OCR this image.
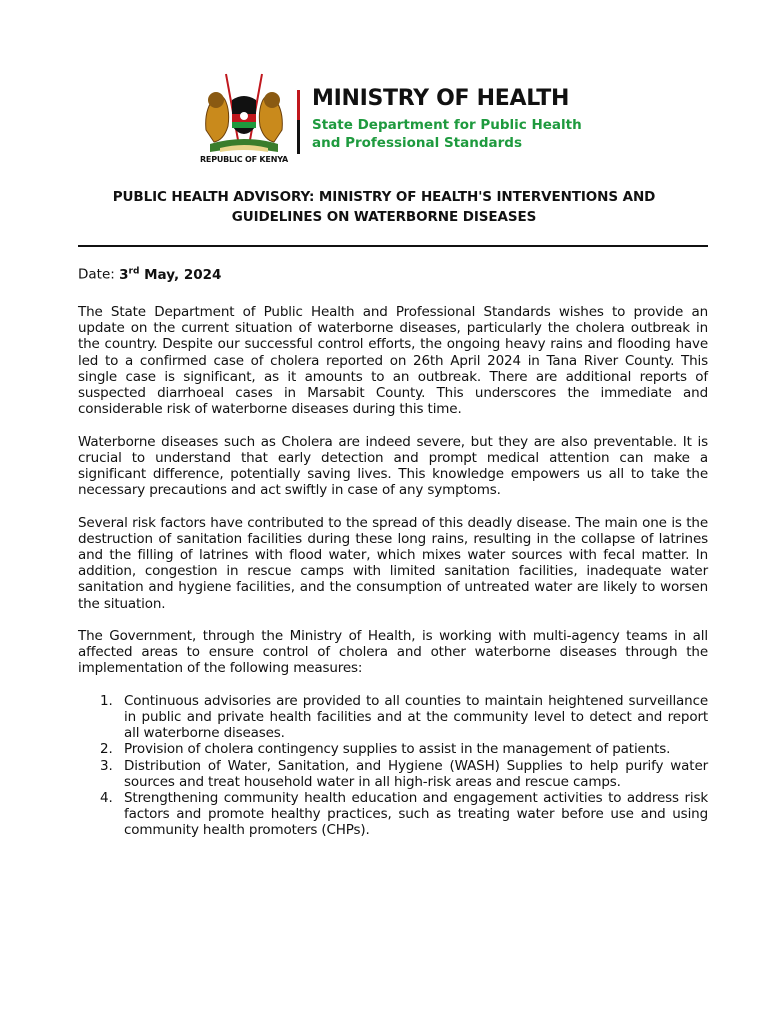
REPUBLIC OF KENYA
MINISTRY OF HEALTH
State Department for Public Health
and Professional Standards
PUBLIC HEALTH ADVISORY: MINISTRY OF HEALTH'S INTERVENTIONS AND
GUIDELINES ON WATERBORNE DISEASES
Date: 3rd May, 2024

The State Department of Public Health and Professional Standards wishes to provide an update on the current situation of waterborne diseases, particularly the cholera outbreak in the country. Despite our successful control efforts, the ongoing heavy rains and flooding have led to a confirmed case of cholera reported on 26th April 2024 in Tana River County. This single case is significant, as it amounts to an outbreak. There are additional reports of suspected diarrhoeal cases in Marsabit County. This underscores the immediate and considerable risk of waterborne diseases during this time.

Waterborne diseases such as Cholera are indeed severe, but they are also preventable. It is crucial to understand that early detection and prompt medical attention can make a significant difference, potentially saving lives. This knowledge empowers us all to take the necessary precautions and act swiftly in case of any symptoms.

Several risk factors have contributed to the spread of this deadly disease. The main one is the destruction of sanitation facilities during these long rains, resulting in the collapse of latrines and the filling of latrines with flood water, which mixes water sources with fecal matter. In addition, congestion in rescue camps with limited sanitation facilities, inadequate water sanitation and hygiene facilities, and the consumption of untreated water are likely to worsen the situation.

The Government, through the Ministry of Health, is working with multi-agency teams in all affected areas to ensure control of cholera and other waterborne diseases through the implementation of the following measures:

1. Continuous advisories are provided to all counties to maintain heightened surveillance in public and private health facilities and at the community level to detect and report all waterborne diseases.
2. Provision of cholera contingency supplies to assist in the management of patients.
3. Distribution of Water, Sanitation, and Hygiene (WASH) Supplies to help purify water sources and treat household water in all high-risk areas and rescue camps.
4. Strengthening community health education and engagement activities to address risk factors and promote healthy practices, such as treating water before use and using community health promoters (CHPs).
